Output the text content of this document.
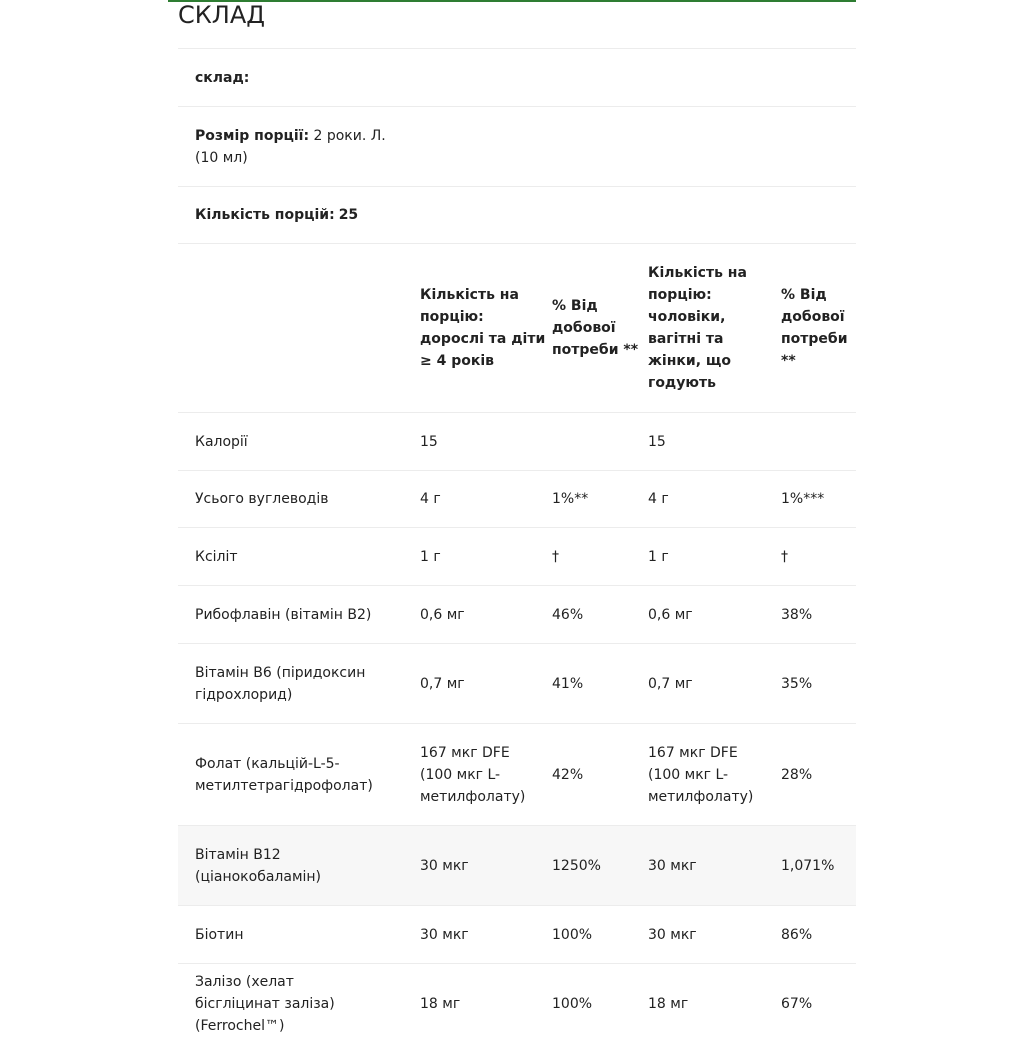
СКЛАД
склад:
Розмір порції: 2 роки. Л. (10 мл)
Кількість порцій: 25
	Кількість на порцію: дорослі та діти ≥ 4 років	% Від добової потреби **	Кількість на порцію: чоловіки, вагітні та жінки, що годують	% Від добової потреби **
Калорії	15		15	
Усього вуглеводів	4 г	1%**	4 г	1%***
Ксіліт	1 г	†	1 г	†
Рибофлавін (вітамін B2)	0,6 мг	46%	0,6 мг	38%
Вітамін B6 (піридоксин гідрохлорид)	0,7 мг	41%	0,7 мг	35%
Фолат (кальцій-L-5-метилтетрагідрофолат)	167 мкг DFE (100 мкг L-метилфолату)	42%	167 мкг DFE (100 мкг L-метилфолату)	28%
Вітамін B12 (ціанокобаламін)	30 мкг	1250%	30 мкг	1,071%
Біотин	30 мкг	100%	30 мкг	86%
Залізо (хелат бісгліцинат заліза) (Ferrochel™)	18 мг	100%	18 мг	67%
